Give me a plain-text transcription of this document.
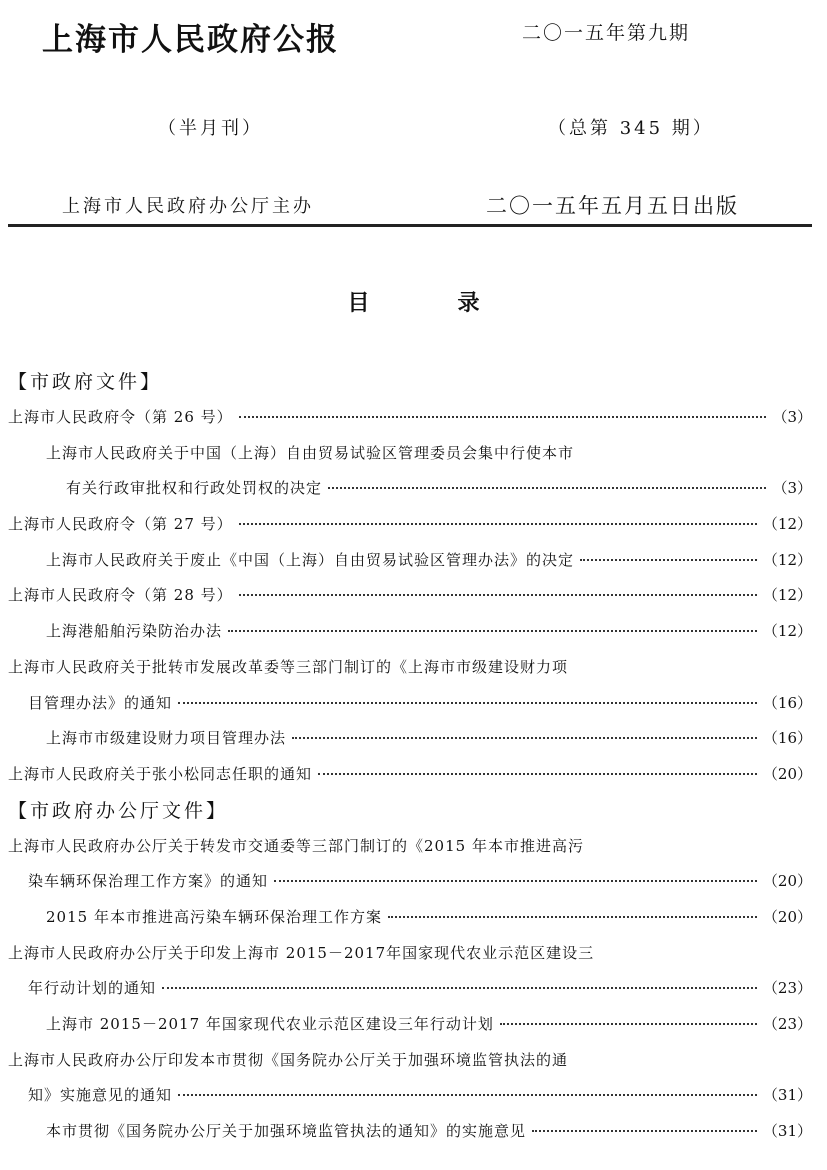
上海市人民政府公报	二〇一五年第九期
（半月刊）	（总第 345 期）
上海市人民政府办公厅主办	二〇一五年五月五日出版
目录
【市政府文件】
上海市人民政府令（第 26 号）	（3）
上海市人民政府关于中国（上海）自由贸易试验区管理委员会集中行使本市
有关行政审批权和行政处罚权的决定	（3）
上海市人民政府令（第 27 号）	（12）
上海市人民政府关于废止《中国（上海）自由贸易试验区管理办法》的决定	（12）
上海市人民政府令（第 28 号）	（12）
上海港船舶污染防治办法	（12）
上海市人民政府关于批转市发展改革委等三部门制订的《上海市市级建设财力项
目管理办法》的通知	（16）
上海市市级建设财力项目管理办法	（16）
上海市人民政府关于张小松同志任职的通知	（20）
【市政府办公厅文件】
上海市人民政府办公厅关于转发市交通委等三部门制订的《2015 年本市推进高污
染车辆环保治理工作方案》的通知	（20）
2015 年本市推进高污染车辆环保治理工作方案	（20）
上海市人民政府办公厅关于印发上海市 2015－2017年国家现代农业示范区建设三
年行动计划的通知	（23）
上海市 2015－2017 年国家现代农业示范区建设三年行动计划	（23）
上海市人民政府办公厅印发本市贯彻《国务院办公厅关于加强环境监管执法的通
知》实施意见的通知	（31）
本市贯彻《国务院办公厅关于加强环境监管执法的通知》的实施意见	（31）
